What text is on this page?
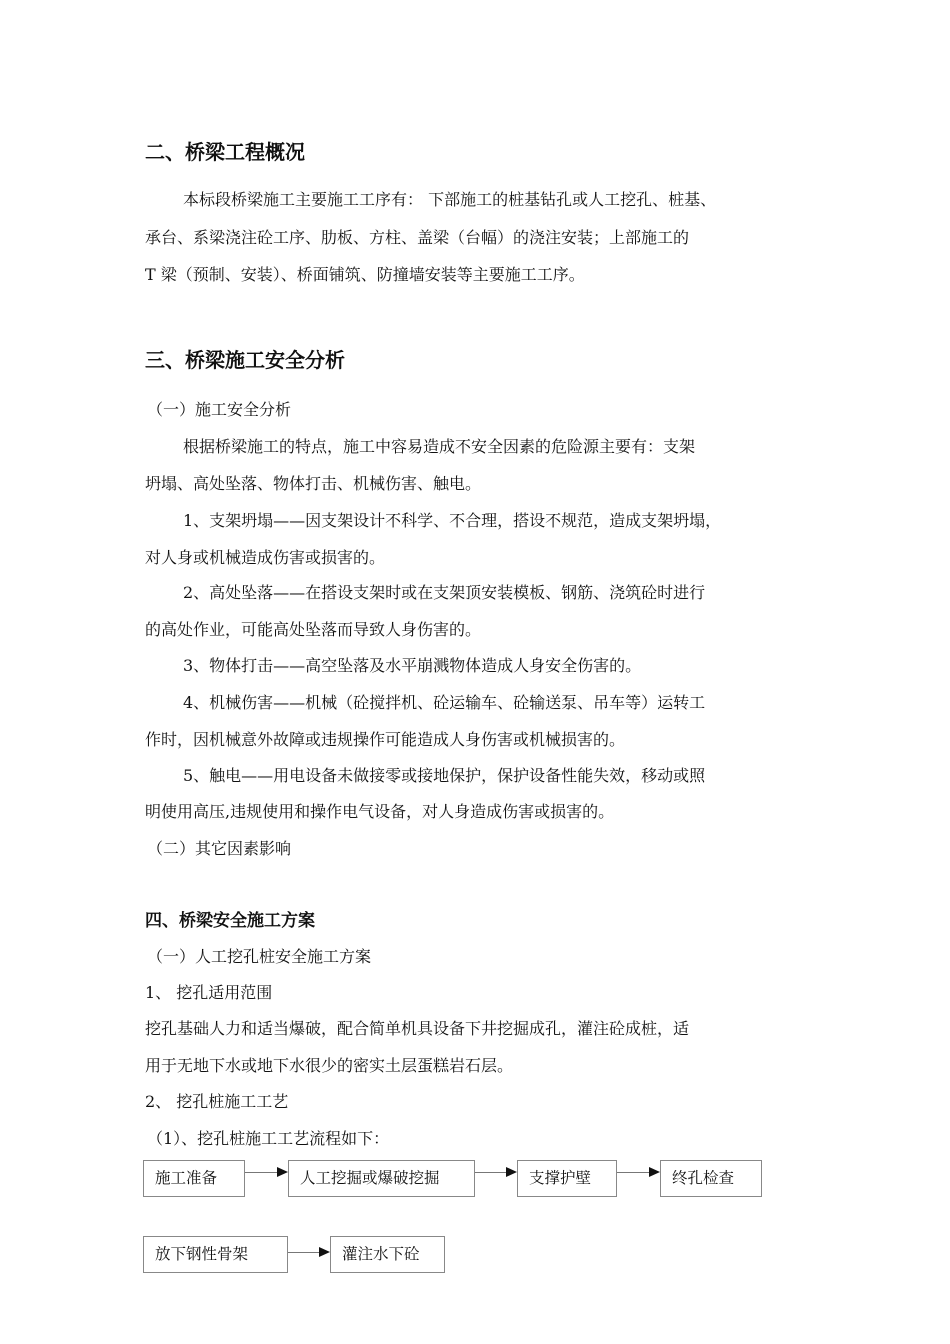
二、桥梁工程概况

本标段桥梁施工主要施工工序有： 下部施工的桩基钻孔或人工挖孔、桩基、

承台、系梁浇注砼工序、肋板、方柱、盖梁（台幅）的浇注安装；上部施工的

T 梁（预制、安装）、桥面铺筑、防撞墙安装等主要施工工序。

三、桥梁施工安全分析

（一）施工安全分析

根据桥梁施工的特点，施工中容易造成不安全因素的危险源主要有：支架

坍塌、高处坠落、物体打击、机械伤害、触电。

1、支架坍塌——因支架设计不科学、不合理，搭设不规范，造成支架坍塌，

对人身或机械造成伤害或损害的。

2、高处坠落——在搭设支架时或在支架顶安装模板、钢筋、浇筑砼时进行

的高处作业，可能高处坠落而导致人身伤害的。

3、物体打击——高空坠落及水平崩溅物体造成人身安全伤害的。

4、机械伤害——机械（砼搅拌机、砼运输车、砼输送泵、吊车等）运转工

作时，因机械意外故障或违规操作可能造成人身伤害或机械损害的。

5、触电——用电设备未做接零或接地保护，保护设备性能失效，移动或照

明使用高压,违规使用和操作电气设备，对人身造成伤害或损害的。

（二）其它因素影响

四、桥梁安全施工方案

（一）人工挖孔桩安全施工方案

1、 挖孔适用范围

挖孔基础人力和适当爆破，配合简单机具设备下井挖掘成孔，灌注砼成桩，适

用于无地下水或地下水很少的密实土层蛋糕岩石层。

2、 挖孔桩施工工艺

（1）、挖孔桩施工工艺流程如下：

施工准备	人工挖掘或爆破挖掘	支撑护壁	终孔检查
放下钢性骨架	灌注水下砼
